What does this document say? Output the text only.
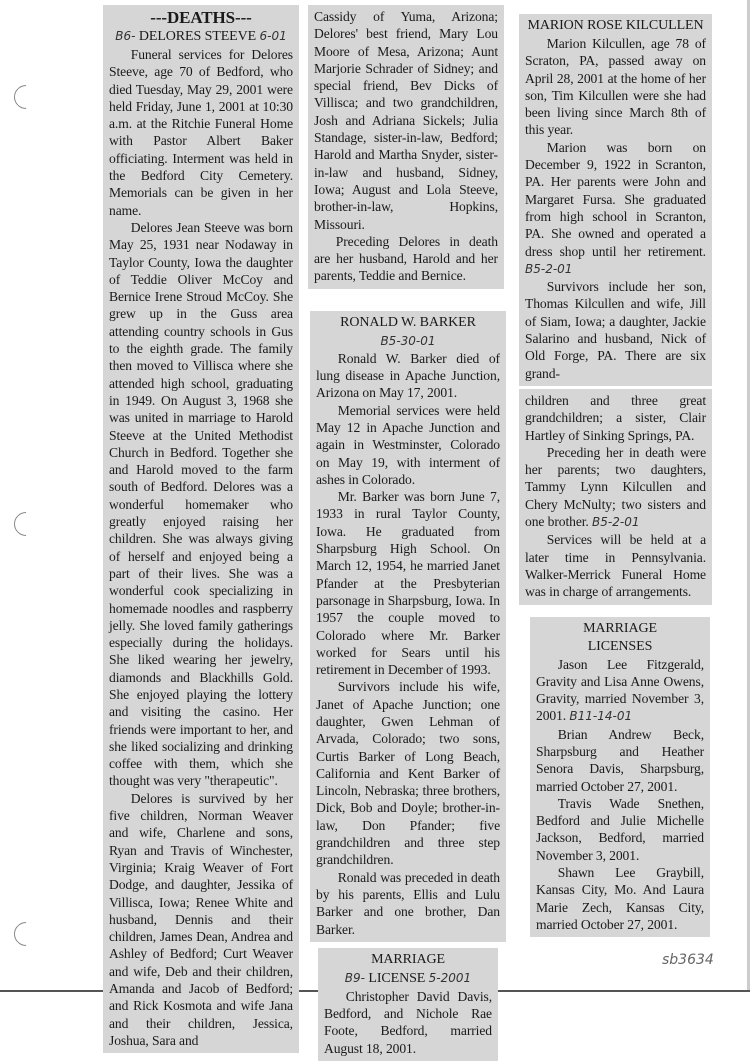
---DEATHS---
B6- DELORES STEEVE 6-01

Funeral services for Delores Steeve, age 70 of Bedford, who died Tuesday, May 29, 2001 were held Friday, June 1, 2001 at 10:30 a.m. at the Ritchie Funeral Home with Pastor Albert Baker officiating. Interment was held in the Bedford City Cemetery. Memorials can be given in her name.

Delores Jean Steeve was born May 25, 1931 near Nodaway in Taylor County, Iowa the daughter of Teddie Oliver McCoy and Bernice Irene Stroud McCoy. She grew up in the Guss area attending country schools in Gus to the eighth grade. The family then moved to Villisca where she attended high school, graduating in 1949. On August 3, 1968 she was united in marriage to Harold Steeve at the United Methodist Church in Bedford. Together she and Harold moved to the farm south of Bedford. Delores was a wonderful homemaker who greatly enjoyed raising her children. She was always giving of herself and enjoyed being a part of their lives. She was a wonderful cook specializing in homemade noodles and raspberry jelly. She loved family gatherings especially during the holidays. She liked wearing her jewelry, diamonds and Blackhills Gold. She enjoyed playing the lottery and visiting the casino. Her friends were important to her, and she liked socializing and drinking coffee with them, which she thought was very "therapeutic".

Delores is survived by her five children, Norman Weaver and wife, Charlene and sons, Ryan and Travis of Winchester, Virginia; Kraig Weaver of Fort Dodge, and daughter, Jessika of Villisca, Iowa; Renee White and husband, Dennis and their children, James Dean, Andrea and Ashley of Bedford; Curt Weaver and wife, Deb and their children, Amanda and Jacob of Bedford; and Rick Kosmota and wife Jana and their children, Jessica, Joshua, Sara and

Cassidy of Yuma, Arizona; Delores' best friend, Mary Lou Moore of Mesa, Arizona; Aunt Marjorie Schrader of Sidney; and special friend, Bev Dicks of Villisca; and two grandchildren, Josh and Adriana Sickels; Julia Standage, sister-in-law, Bedford; Harold and Martha Snyder, sister-in-law and husband, Sidney, Iowa; August and Lola Steeve, brother-in-law, Hopkins, Missouri.

Preceding Delores in death are her husband, Harold and her parents, Teddie and Bernice.

RONALD W. BARKER
B5-30-01

Ronald W. Barker died of lung disease in Apache Junction, Arizona on May 17, 2001.

Memorial services were held May 12 in Apache Junction and again in Westminster, Colorado on May 19, with interment of ashes in Colorado.

Mr. Barker was born June 7, 1933 in rural Taylor County, Iowa. He graduated from Sharpsburg High School. On March 12, 1954, he married Janet Pfander at the Presbyterian parsonage in Sharpsburg, Iowa. In 1957 the couple moved to Colorado where Mr. Barker worked for Sears until his retirement in December of 1993.

Survivors include his wife, Janet of Apache Junction; one daughter, Gwen Lehman of Arvada, Colorado; two sons, Curtis Barker of Long Beach, California and Kent Barker of Lincoln, Nebraska; three brothers, Dick, Bob and Doyle; brother-in-law, Don Pfander; five grandchildren and three step grandchildren.

Ronald was preceded in death by his parents, Ellis and Lulu Barker and one brother, Dan Barker.

MARRIAGE
B9- LICENSE 5-2001

Christopher David Davis, Bedford, and Nichole Rae Foote, Bedford, married August 18, 2001.

MARION ROSE KILCULLEN

Marion Kilcullen, age 78 of Scraton, PA, passed away on April 28, 2001 at the home of her son, Tim Kilcullen were she had been living since March 8th of this year.

Marion was born on December 9, 1922 in Scranton, PA. Her parents were John and Margaret Fursa. She graduated from high school in Scranton, PA. She owned and operated a dress shop until her retirement. B5-2-01

Survivors include her son, Thomas Kilcullen and wife, Jill of Siam, Iowa; a daughter, Jackie Salarino and husband, Nick of Old Forge, PA. There are six grand-

children and three great grandchildren; a sister, Clair Hartley of Sinking Springs, PA.

Preceding her in death were her parents; two daughters, Tammy Lynn Kilcullen and Chery McNulty; two sisters and one brother. B5-2-01

Services will be held at a later time in Pennsylvania. Walker-Merrick Funeral Home was in charge of arrangements.

MARRIAGE
LICENSES

Jason Lee Fitzgerald, Gravity and Lisa Anne Owens, Gravity, married November 3, 2001. B11-14-01

Brian Andrew Beck, Sharpsburg and Heather Senora Davis, Sharpsburg, married October 27, 2001.

Travis Wade Snethen, Bedford and Julie Michelle Jackson, Bedford, married November 3, 2001.

Shawn Lee Graybill, Kansas City, Mo. And Laura Marie Zech, Kansas City, married October 27, 2001.

sb3634
